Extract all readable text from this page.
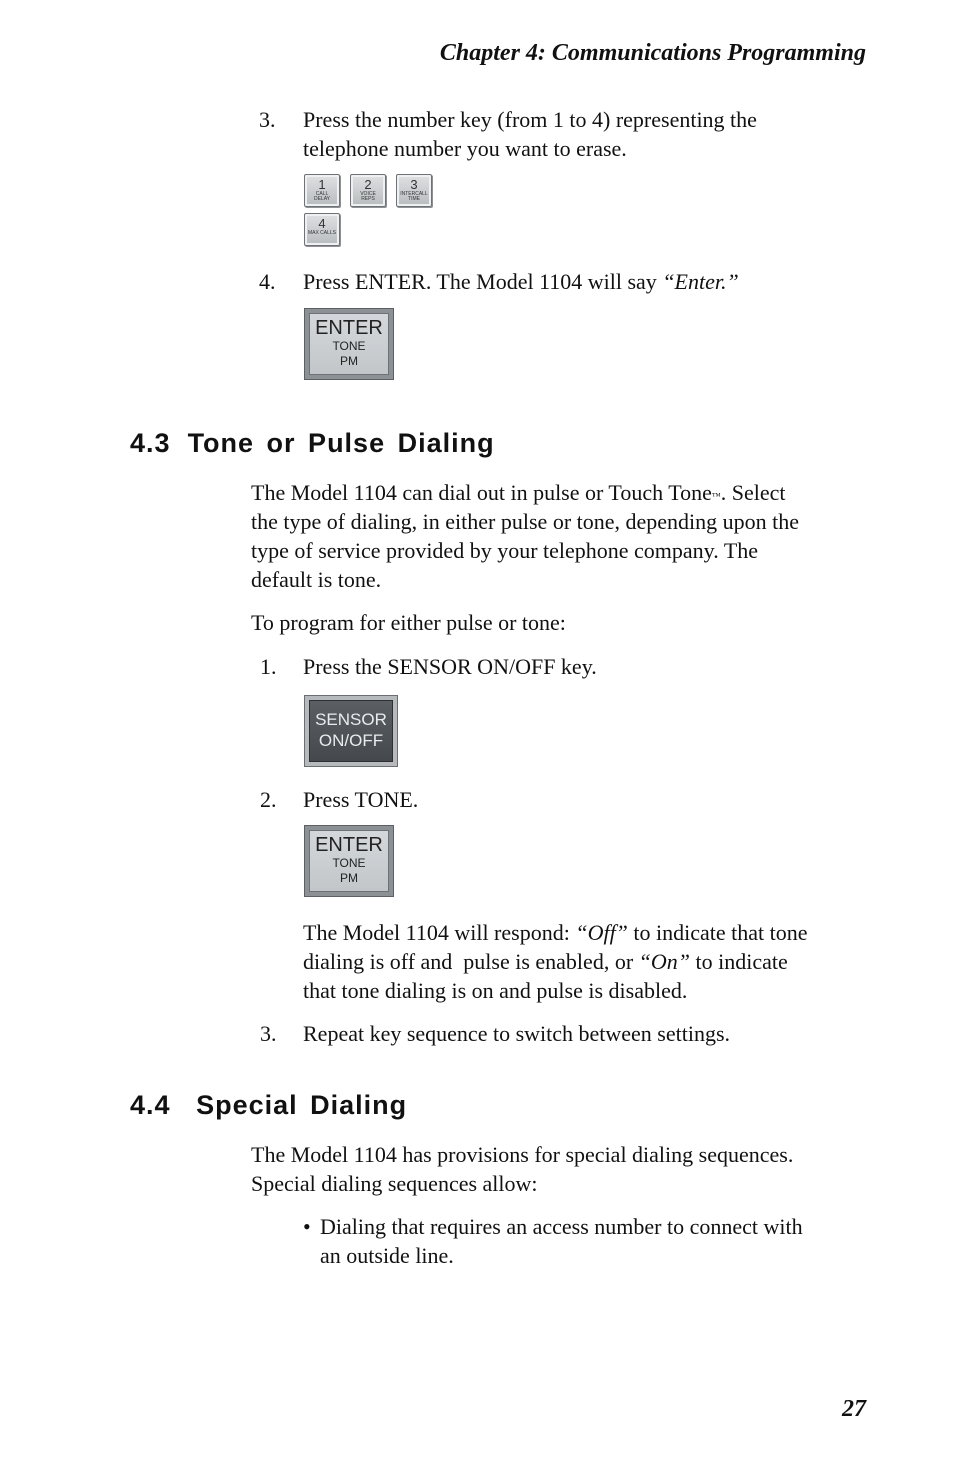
Chapter 4: Communications Programming
3. Press the number key (from 1 to 4) representing the
telephone number you want to erase.
1
CALL
DELAY
2
VOICE
REPS
3
INTERCALL
TIME
4
MAX CALLS
4. Press ENTER. The Model 1104 will say “Enter.”
ENTER
TONE
PM
4.3 Tone or Pulse Dialing
The Model 1104 can dial out in pulse or Touch Tone™. Select
the type of dialing, in either pulse or tone, depending upon the
type of service provided by your telephone company. The
default is tone.
To program for either pulse or tone:
1. Press the SENSOR ON/OFF key.
SENSOR
ON/OFF
2. Press TONE.
ENTER
TONE
PM
The Model 1104 will respond: “Off” to indicate that tone
dialing is off and  pulse is enabled, or “On” to indicate
that tone dialing is on and pulse is disabled.
3. Repeat key sequence to switch between settings.
4.4 Special Dialing
The Model 1104 has provisions for special dialing sequences.
Special dialing sequences allow:
• Dialing that requires an access number to connect with
an outside line.
27
